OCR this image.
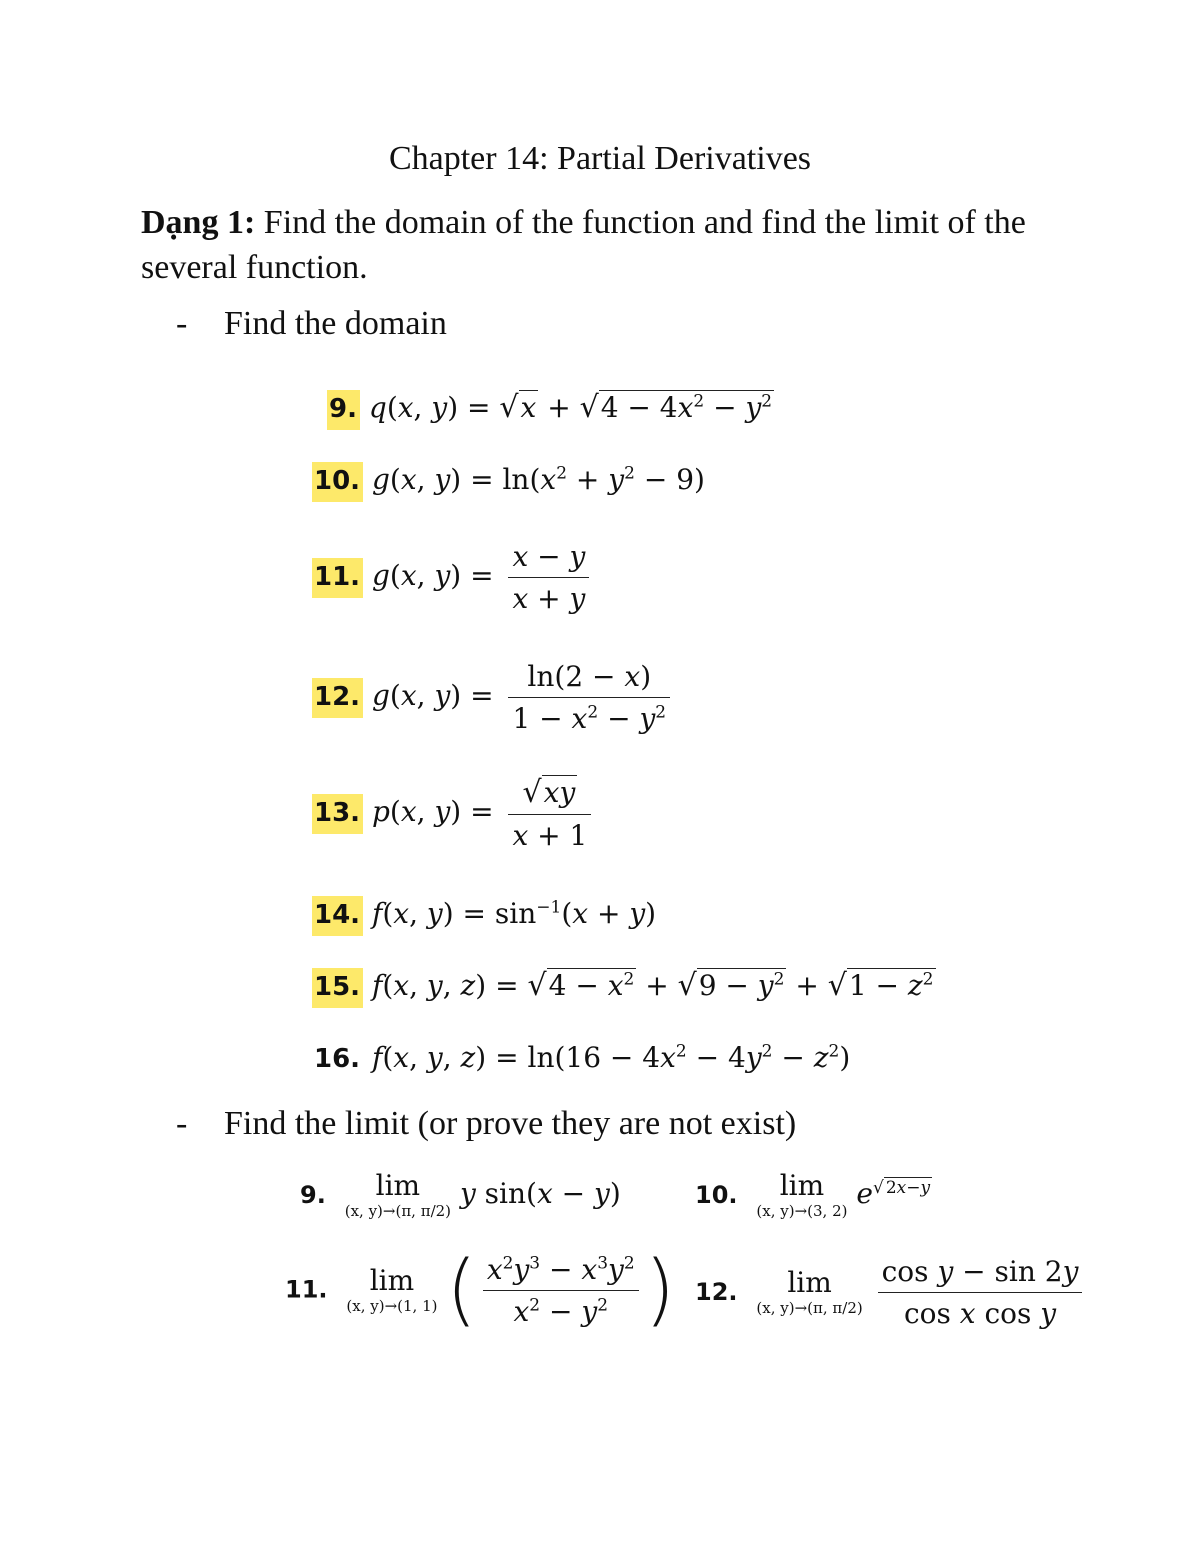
Chapter 14: Partial Derivatives
Dạng 1: Find the domain of the function and find the limit of the several function.
- Find the domain
9. q(x, $y) = √x + √4 - 4x^2 - y^2$
10. g(x, $y) = \ln(x^2 + y^2 - 9)$
11. g(x, $y) = \frac{x - y}{x + y}$
12. g(x, $y) = \frac{\ln(2 - x)}{1 - x^2 - y^2}$
13. p(x, $y) = \frac{√xy}{x + 1}$
14. f(x, $y) = \sin^{-1}(x + y)$
15. f(x, y, $z) = √4 - x^2 + √9 - y^2 + √1 - z^2$
16. f(x, y, $z) = \ln(16 - 4x^2 - 4y^2 - z^2)$
- Find the limit (or prove they are not exist)
9.	lim
(x, y)→(π, π/2)
y sin(x − y)	10.	lim
(x, y)→(3, 2)
$e^{√ 2x-y}$
11.	lim
(x, y)→(1, 1) ( $\frac{x^2y^3 - x^3y^2}{x^2 - y^2}$ ) 12.	lim
(x, y)→(π, π/2)
$\frac{\text{cos y − sin 2y}}{\text{cos x cos y}}$
